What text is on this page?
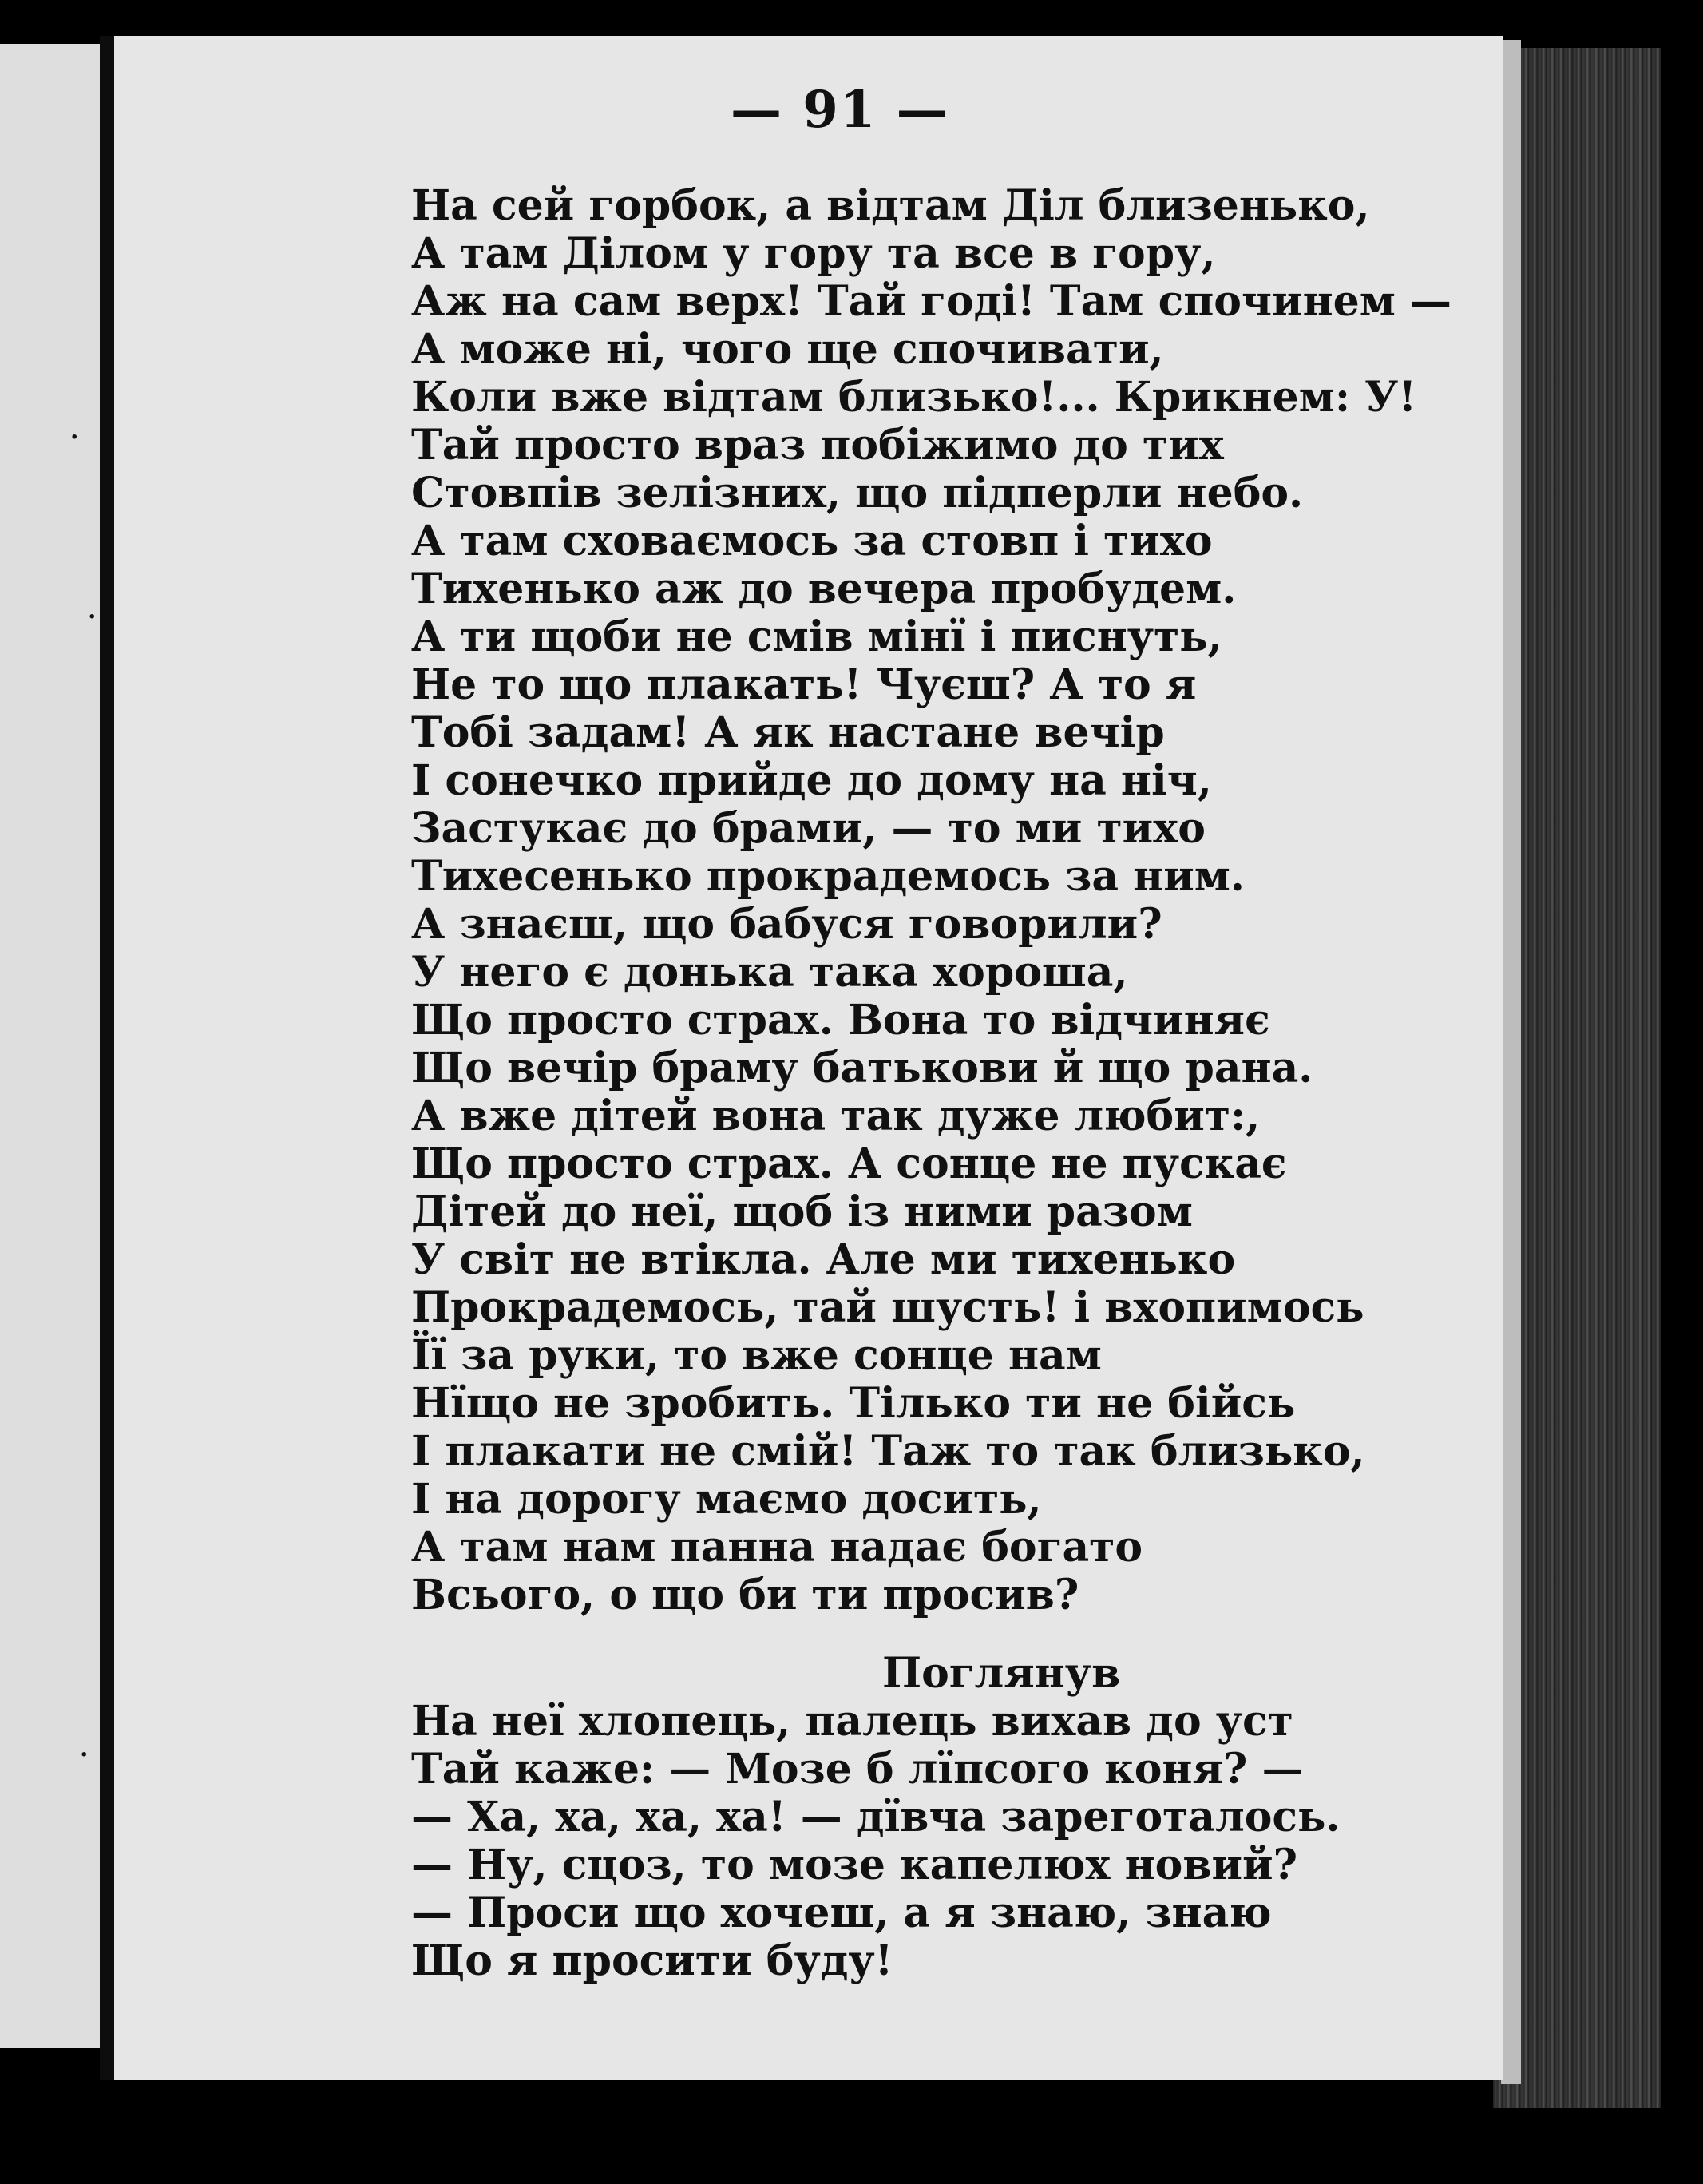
·
·
·
— 91 —
На сей горбок, а відтам Діл близенько,
А там Ділом у гору та все в гору,
Аж на сам верх! Тай годі! Там спочинем —
А може ні, чого ще спочивати,
Коли вже відтам близько!... Крикнем: У!
Тай просто враз побіжимо до тих
Стовпів зелізних, що підперли небо.
А там сховаємось за стовп і тихо
Тихенько аж до вечера пробудем.
А ти щоби не смів мінї і писнуть,
Не то що плакать! Чуєш? А то я
Тобі задам! А як настане вечір
І сонечко прийде до дому на ніч,
Застукає до брами, — то ми тихо
Тихесенько прокрадемось за ним.
А знаєш, що бабуся говорили?
У него є донька така хороша,
Що просто страх. Вона то відчиняє
Що вечір браму батькови й що рана.
А вже дітей вона так дуже любит:,
Що просто страх. А сонце не пускає
Дітей до неї, щоб із ними разом
У світ не втікла. Але ми тихенько
Прокрадемось, тай шусть! і вхопимось
Її за руки, то вже сонце нам
Нїщо не зробить. Тілько ти не бійсь
І плакати не смій! Таж то так близько,
І на дорогу маємо досить,
А там нам панна надає богато
Всього, о що би ти просив?
Поглянув
На неї хлопець, палець вихав до уст
Тай каже: — Мозе б лїпсого коня? —
— Ха, ха, ха, ха! — дївча зареготалось.
— Ну, сцоз, то мозе капелюх новий?
— Проси що хочеш, а я знаю, знаю
Що я просити буду!
